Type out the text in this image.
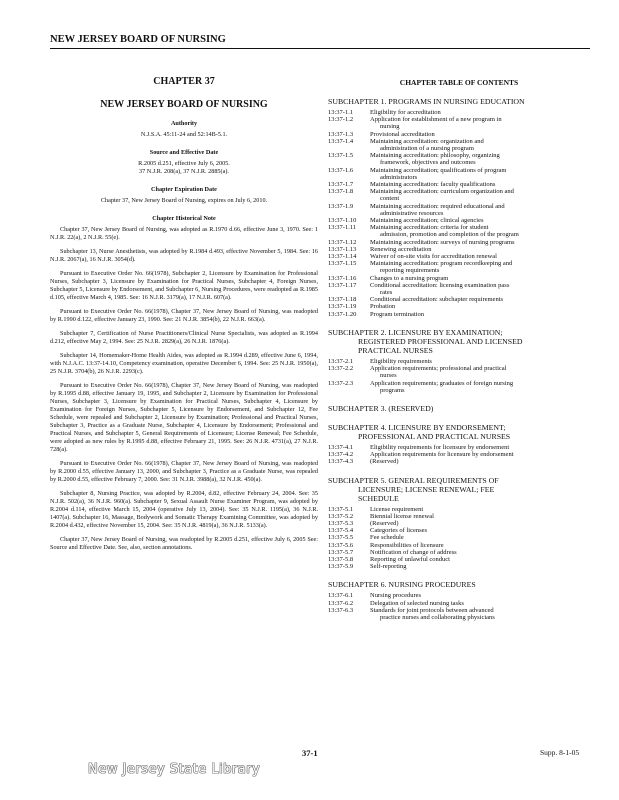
NEW JERSEY BOARD OF NURSING
CHAPTER 37
NEW JERSEY BOARD OF NURSING
Authority
N.J.S.A. 45:11-24 and 52:14B-5.1.
Source and Effective Date
R.2005 d.251, effective July 6, 2005.
37 N.J.R. 208(a), 37 N.J.R. 2885(a).
Chapter Expiration Date
Chapter 37, New Jersey Board of Nursing, expires on July 6, 2010.
Chapter Historical Note

Chapter 37, New Jersey Board of Nursing, was adopted as R.1970 d.66, effective June 3, 1970. See: 1 N.J.R. 22(a), 2 N.J.R. 55(e).

Subchapter 13, Nurse Anesthetists, was adopted by R.1984 d.493, effective November 5, 1984. See: 16 N.J.R. 2067(a), 16 N.J.R. 3054(d).

Pursuant to Executive Order No. 66(1978), Subchapter 2, Licensure by Examination for Professional Nurses, Subchapter 3, Licensure by Examination for Practical Nurses, Subchapter 4, Foreign Nurses, Subchapter 5, Licensure by Endorsement, and Subchapter 6, Nursing Procedures, were readopted as R.1985 d.105, effective March 4, 1985. See: 16 N.J.R. 3179(a), 17 N.J.R. 607(a).

Pursuant to Executive Order No. 66(1978), Chapter 37, New Jersey Board of Nursing, was readopted by R.1990 d.122, effective January 23, 1990. See: 21 N.J.R. 3854(b), 22 N.J.R. 663(a).

Subchapter 7, Certification of Nurse Practitioners/Clinical Nurse Specialists, was adopted as R.1994 d.212, effective May 2, 1994. See: 25 N.J.R. 2829(a), 26 N.J.R. 1876(a).

Subchapter 14, Homemaker-Home Health Aides, was adopted as R.1994 d.289, effective June 6, 1994, with N.J.A.C. 13:37-14.10, Competency examination, operative December 6, 1994. See: 25 N.J.R. 1950(a), 25 N.J.R. 3704(b), 26 N.J.R. 2293(c).

Pursuant to Executive Order No. 66(1978), Chapter 37, New Jersey Board of Nursing, was readopted by R.1995 d.88, effective January 19, 1995, and Subchapter 2, Licensure by Examination for Professional Nurses, Subchapter 3, Licensure by Examination for Practical Nurses, Subchapter 4, Licensure by Examination for Foreign Nurses, Subchapter 5, Licensure by Endorsement, and Subchapter 12, Fee Schedule, were repealed and Subchapter 2, Licensure by Examination; Professional and Practical Nurses, Subchapter 3, Practice as a Graduate Nurse, Subchapter 4, Licensure by Endorsement; Professional and Practical Nurses, and Subchapter 5, General Requirements of Licensure; License Renewal; Fee Schedule, were adopted as new rules by R.1995 d.88, effective February 21, 1995. See: 26 N.J.R. 4731(a), 27 N.J.R. 728(a).

Pursuant to Executive Order No. 66(1978), Chapter 37, New Jersey Board of Nursing, was readopted by R.2000 d.55, effective January 13, 2000, and Subchapter 3, Practice as a Graduate Nurse, was repealed by R.2000 d.55, effective February 7, 2000. See: 31 N.J.R. 3988(a), 32 N.J.R. 450(a).

Subchapter 8, Nursing Practice, was adopted by R.2004, d.82, effective February 24, 2004. See: 35 N.J.R. 502(a), 36 N.J.R. 960(a). Subchapter 9, Sexual Assault Nurse Examiner Program, was adopted by R.2004 d.114, effective March 15, 2004 (operative July 13, 2004). See: 35 N.J.R. 1195(a), 36 N.J.R. 1407(a). Subchapter 16, Massage, Bodywork and Somatic Therapy Examining Committee, was adopted by R.2004 d.432, effective November 15, 2004. See: 35 N.J.R. 4819(a), 36 N.J.R. 5133(a).

Chapter 37, New Jersey Board of Nursing, was readopted by R.2005 d.251, effective July 6, 2005 See: Source and Effective Date. See, also, section annotations.

CHAPTER TABLE OF CONTENTS
SUBCHAPTER 1. PROGRAMS IN NURSING EDUCATION
13:37-1.1	Eligibility for accreditation
13:37-1.2	Application for establishment of a new program in
nursing
13:37-1.3	Provisional accreditation
13:37-1.4	Maintaining accreditation: organization and
administration of a nursing program
13:37-1.5	Maintaining accreditation: philosophy, organizing
framework, objectives and outcomes
13:37-1.6	Maintaining accreditation; qualifications of program
administrators
13:37-1.7	Maintaining accreditation: faculty qualifications
13:37-1.8	Maintaining accreditation: curriculum organization and
content
13:37-1.9	Maintaining accreditation: required educational and
administrative resources
13:37-1.10	Maintaining accreditation; clinical agencies
13:37-1.11	Maintaining accreditation: criteria for student
admission, promotion and completion of the program
13:37-1.12	Maintaining accreditation: surveys of nursing programs
13:37-1.13	Renewing accreditation
13:37-1.14	Waiver of on-site visits for accreditation renewal
13:37-1.15	Maintaining accreditation: program recordkeeping and
reporting requirements
13:37-1.16	Changes to a nursing program
13:37-1.17	Conditional accreditation: licensing examination pass
rates
13:37-1.18	Conditional accreditation: subchapter requirements
13:37-1.19	Probation
13:37-1.20	Program termination
SUBCHAPTER 2. LICENSURE BY EXAMINATION;
REGISTERED PROFESSIONAL AND LICENSED
PRACTICAL NURSES
13:37-2.1	Eligibility requirements
13:37-2.2	Application requirements; professional and practical
nurses
13:37-2.3	Application requirements; graduates of foreign nursing
programs
SUBCHAPTER 3. (RESERVED)
SUBCHAPTER 4. LICENSURE BY ENDORSEMENT;
PROFESSIONAL AND PRACTICAL NURSES
13:37-4.1	Eligibility requirements for licensure by endorsement
13:37-4.2	Application requirements for licensure by endorsement
13:37-4.3	(Reserved)
SUBCHAPTER 5. GENERAL REQUIREMENTS OF
LICENSURE; LICENSE RENEWAL; FEE
SCHEDULE
13:37-5.1	License requirement
13:37-5.2	Biennial license renewal
13:37-5.3	(Reserved)
13:37-5.4	Categories of licenses
13:37-5.5	Fee schedule
13:37-5.6	Responsibilities of licensure
13:37-5.7	Notification of change of address
13:37-5.8	Reporting of unlawful conduct
13:37-5.9	Self-reporting
SUBCHAPTER 6. NURSING PROCEDURES
13:37-6.1	Nursing procedures
13:37-6.2	Delegation of selected nursing tasks
13:37-6.3	Standards for joint protocols between advanced
practice nurses and collaborating physicians
37-1	Supp. 8-1-05
New Jersey State Library
